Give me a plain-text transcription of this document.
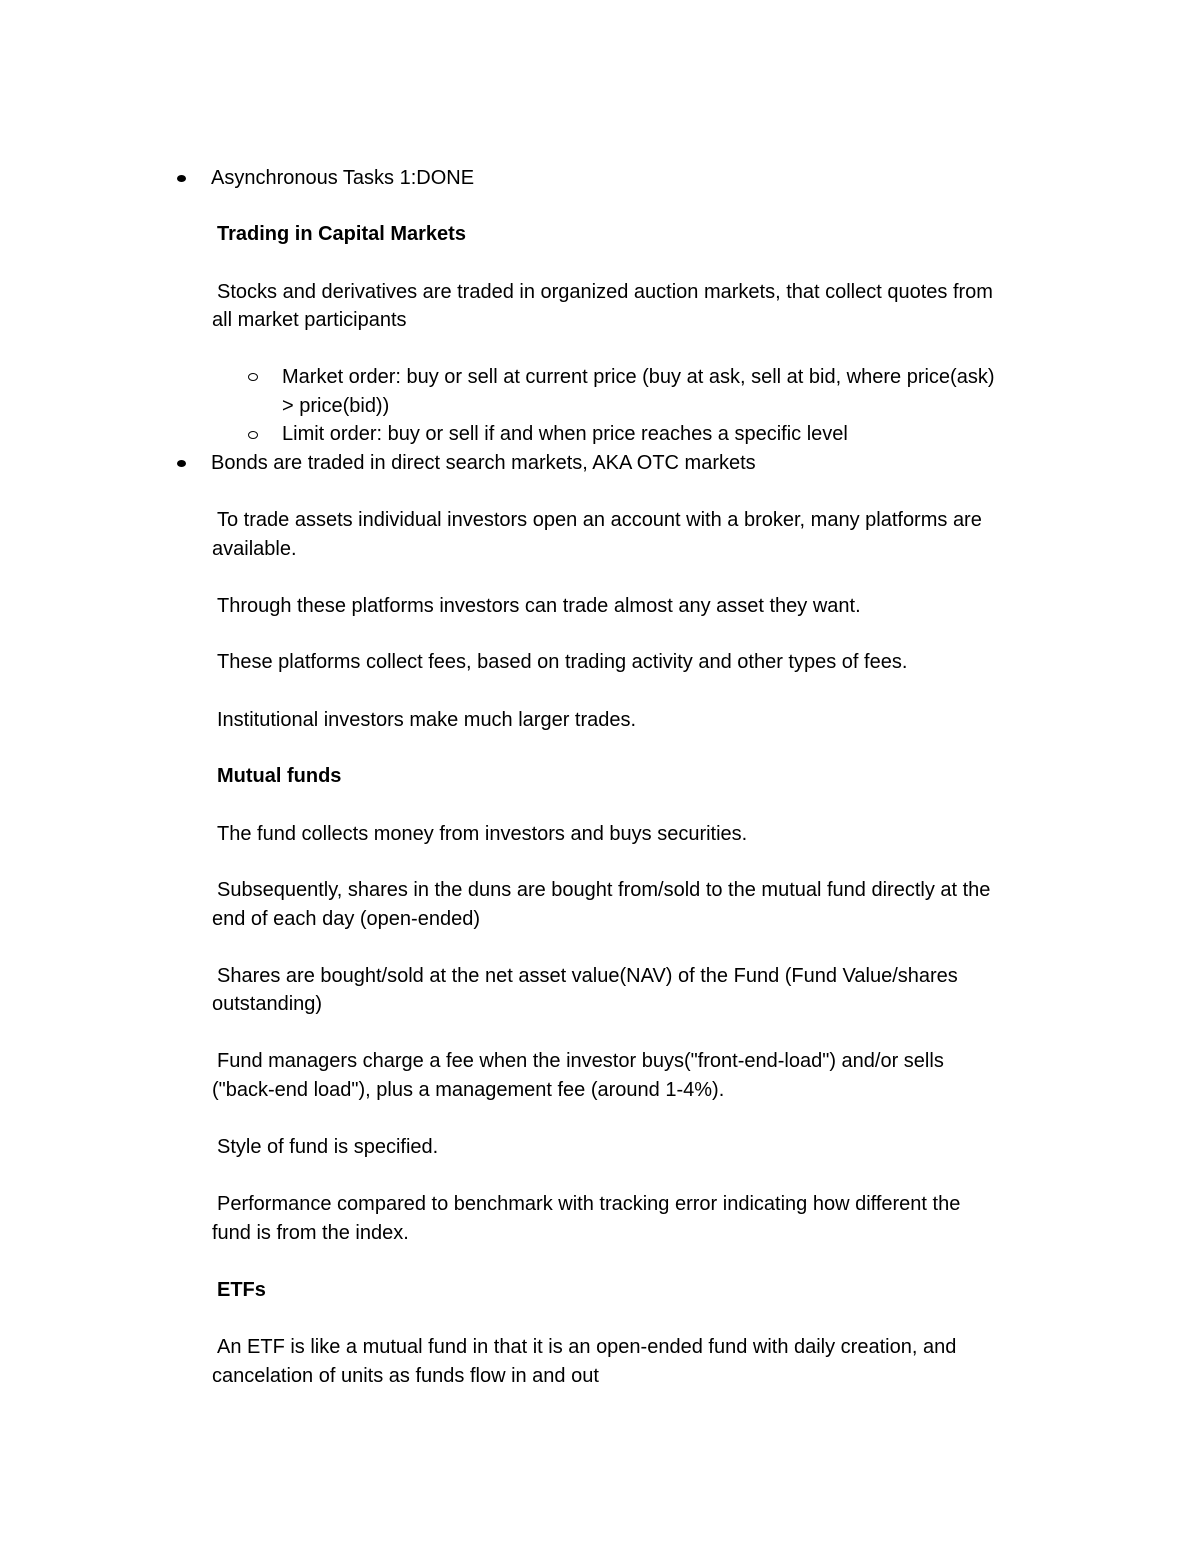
Asynchronous Tasks 1:DONE
Trading in Capital Markets
Stocks and derivatives are traded in organized auction markets, that collect quotes from
all market participants
Market order: buy or sell at current price (buy at ask, sell at bid, where price(ask)
> price(bid))
Limit order: buy or sell if and when price reaches a specific level
Bonds are traded in direct search markets, AKA OTC markets
To trade assets individual investors open an account with a broker, many platforms are
available.
Through these platforms investors can trade almost any asset they want.
These platforms collect fees, based on trading activity and other types of fees.
Institutional investors make much larger trades.
Mutual funds
The fund collects money from investors and buys securities.
Subsequently, shares in the duns are bought from/sold to the mutual fund directly at the
end of each day (open-ended)
Shares are bought/sold at the net asset value(NAV) of the Fund (Fund Value/shares
outstanding)
Fund managers charge a fee when the investor buys("front-end-load") and/or sells
("back-end load"), plus a management fee (around 1-4%).
Style of fund is specified.
Performance compared to benchmark with tracking error indicating how different the
fund is from the index.
ETFs
An ETF is like a mutual fund in that it is an open-ended fund with daily creation, and
cancelation of units as funds flow in and out
